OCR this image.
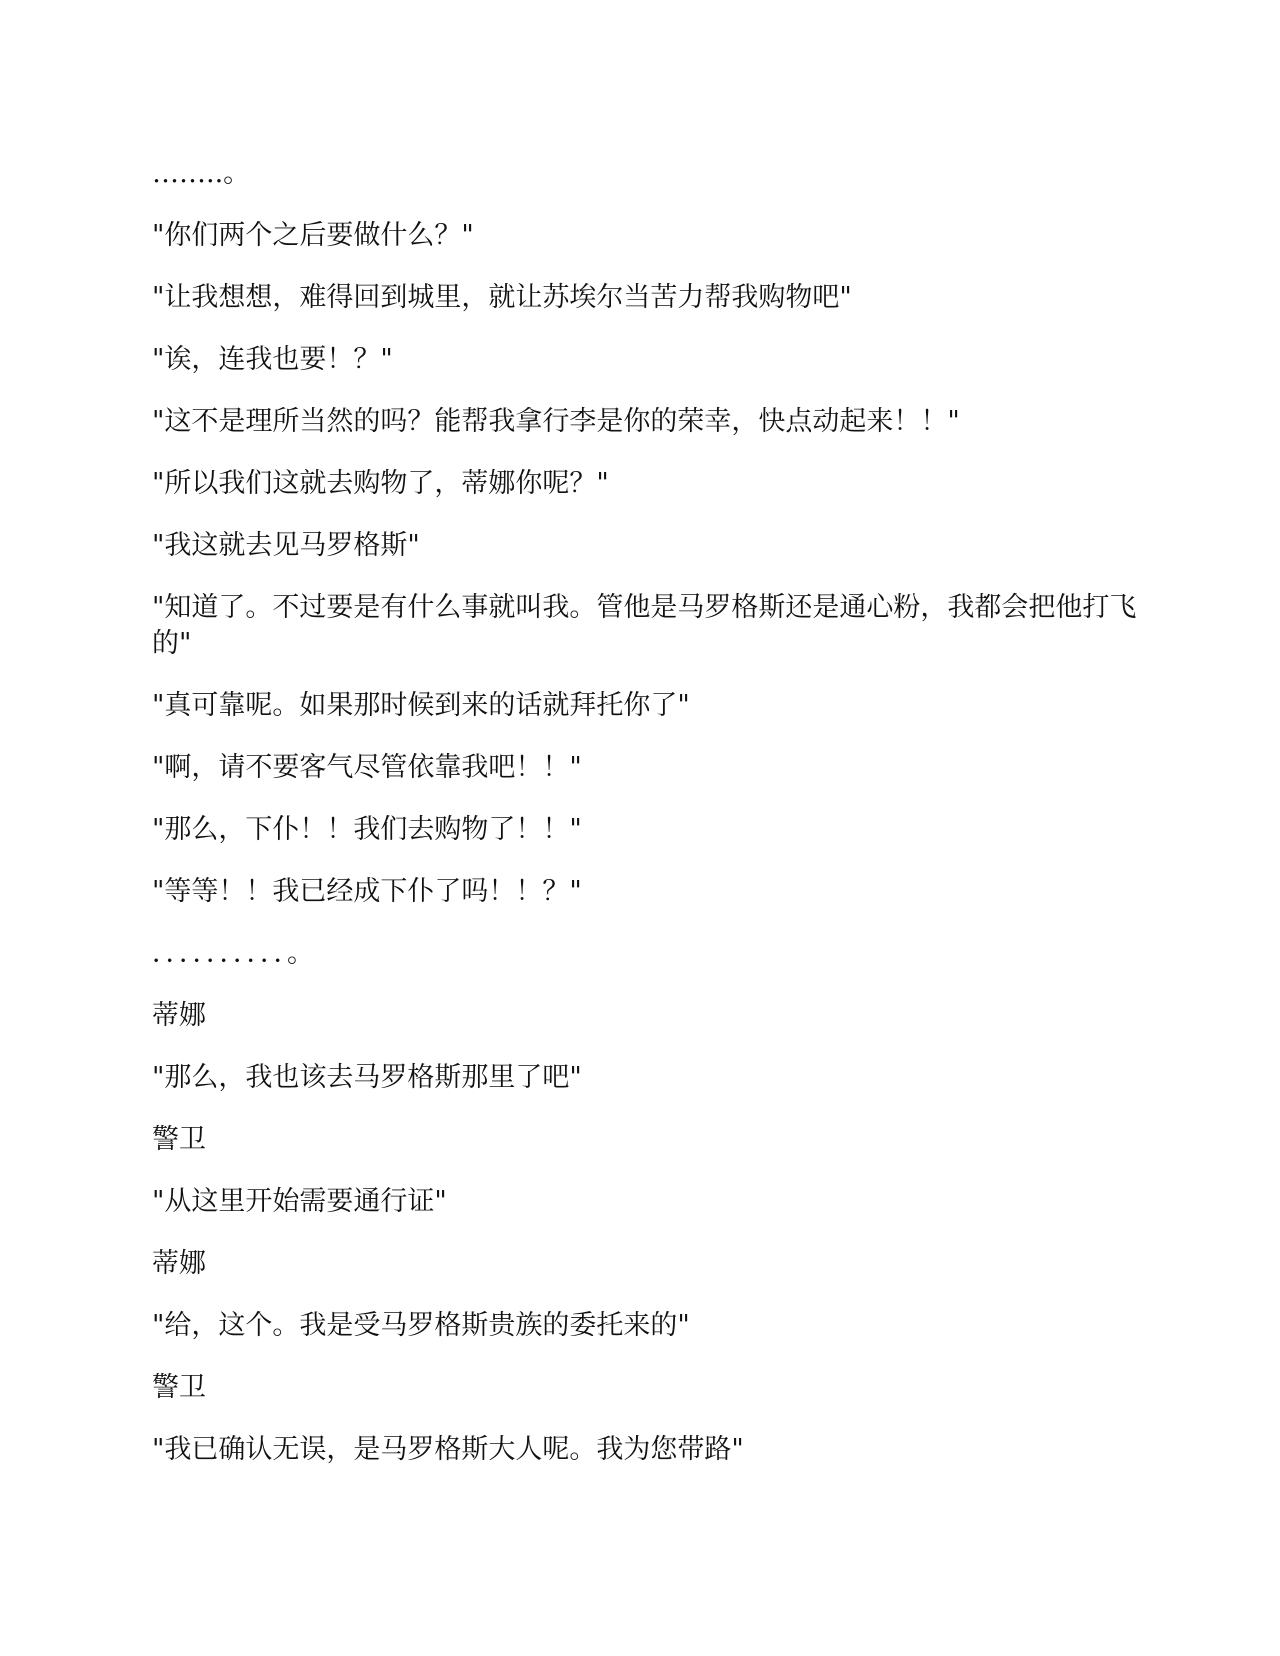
……..。

"你们两个之后要做什么？"

"让我想想，难得回到城里，就让苏埃尔当苦力帮我购物吧"

"诶，连我也要！？"

"这不是理所当然的吗？能帮我拿行李是你的荣幸，快点动起来！！"

"所以我们这就去购物了，蒂娜你呢？"

"我这就去见马罗格斯"

"知道了。不过要是有什么事就叫我。管他是马罗格斯还是通心粉，我都会把他打飞的"

"真可靠呢。如果那时候到来的话就拜托你了"

"啊，请不要客气尽管依靠我吧！！"

"那么，下仆！！我们去购物了！！"

"等等！！我已经成下仆了吗！！？"

．．．．．．．．．．。

蒂娜

"那么，我也该去马罗格斯那里了吧"

警卫

"从这里开始需要通行证"

蒂娜

"给，这个。我是受马罗格斯贵族的委托来的"

警卫

"我已确认无误，是马罗格斯大人呢。我为您带路"
